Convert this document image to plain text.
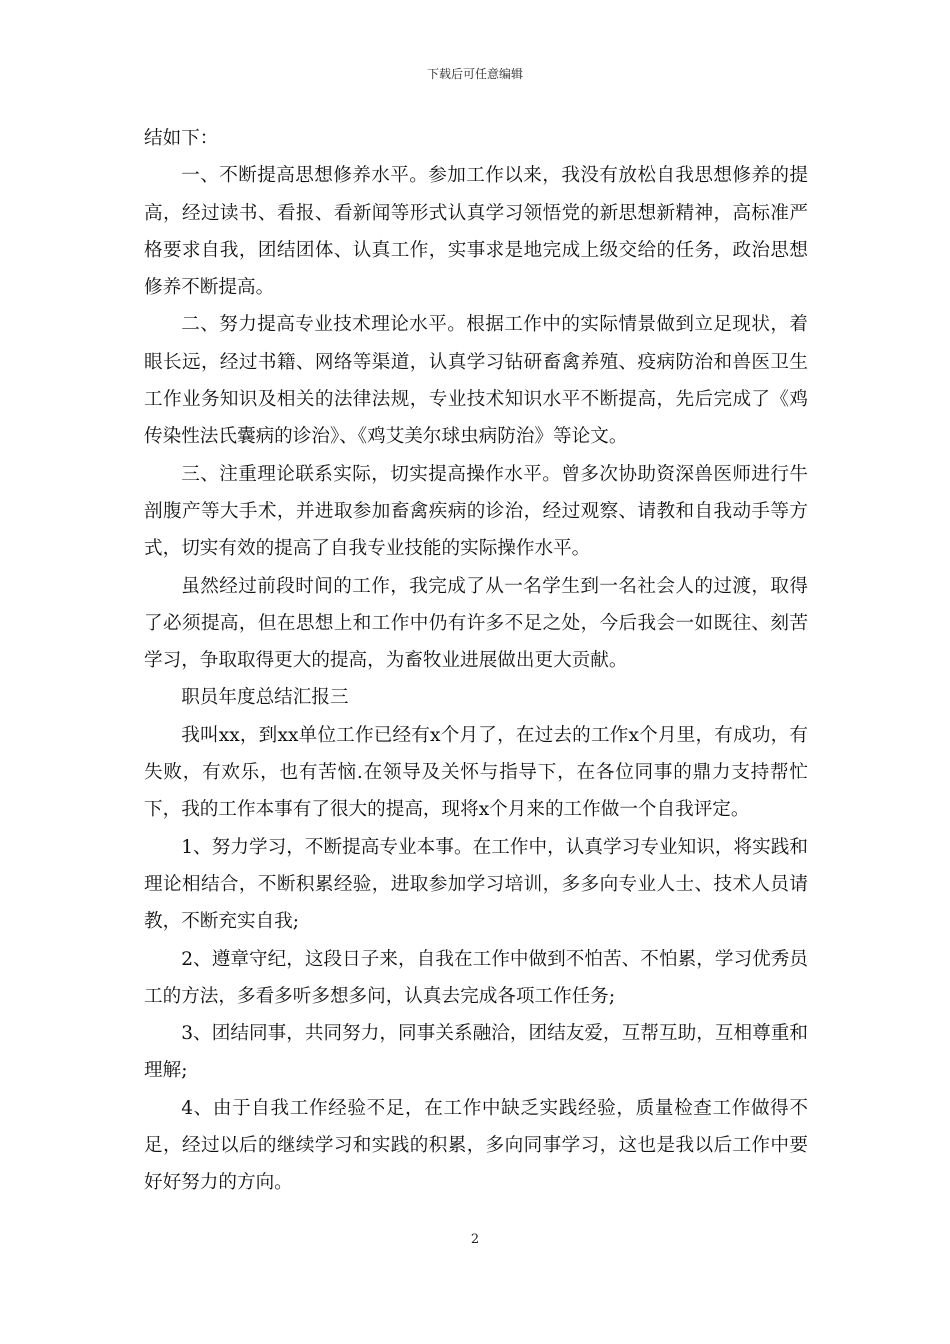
下载后可任意编辑

结如下：

一、不断提高思想修养水平。参加工作以来，我没有放松自我思想修养的提高，经过读书、看报、看新闻等形式认真学习领悟党的新思想新精神，高标准严格要求自我，团结团体、认真工作，实事求是地完成上级交给的任务，政治思想修养不断提高。

二、努力提高专业技术理论水平。根据工作中的实际情景做到立足现状，着眼长远，经过书籍、网络等渠道，认真学习钻研畜禽养殖、疫病防治和兽医卫生工作业务知识及相关的法律法规，专业技术知识水平不断提高，先后完成了《鸡传染性法氏囊病的诊治》、《鸡艾美尔球虫病防治》等论文。

三、注重理论联系实际，切实提高操作水平。曾多次协助资深兽医师进行牛剖腹产等大手术，并进取参加畜禽疾病的诊治，经过观察、请教和自我动手等方式，切实有效的提高了自我专业技能的实际操作水平。

虽然经过前段时间的工作，我完成了从一名学生到一名社会人的过渡，取得了必须提高，但在思想上和工作中仍有许多不足之处，今后我会一如既往、刻苦学习，争取取得更大的提高，为畜牧业进展做出更大贡献。

职员年度总结汇报三

我叫xx，到xx单位工作已经有x个月了，在过去的工作x个月里，有成功，有失败，有欢乐，也有苦恼.在领导及关怀与指导下，在各位同事的鼎力支持帮忙下，我的工作本事有了很大的提高，现将x个月来的工作做一个自我评定。

1、努力学习，不断提高专业本事。在工作中，认真学习专业知识，将实践和理论相结合，不断积累经验，进取参加学习培训，多多向专业人士、技术人员请教，不断充实自我;

2、遵章守纪，这段日子来，自我在工作中做到不怕苦、不怕累，学习优秀员工的方法，多看多听多想多问，认真去完成各项工作任务;

3、团结同事，共同努力，同事关系融洽，团结友爱，互帮互助，互相尊重和理解;

4、由于自我工作经验不足，在工作中缺乏实践经验，质量检查工作做得不足，经过以后的继续学习和实践的积累，多向同事学习，这也是我以后工作中要好好努力的方向。

2
